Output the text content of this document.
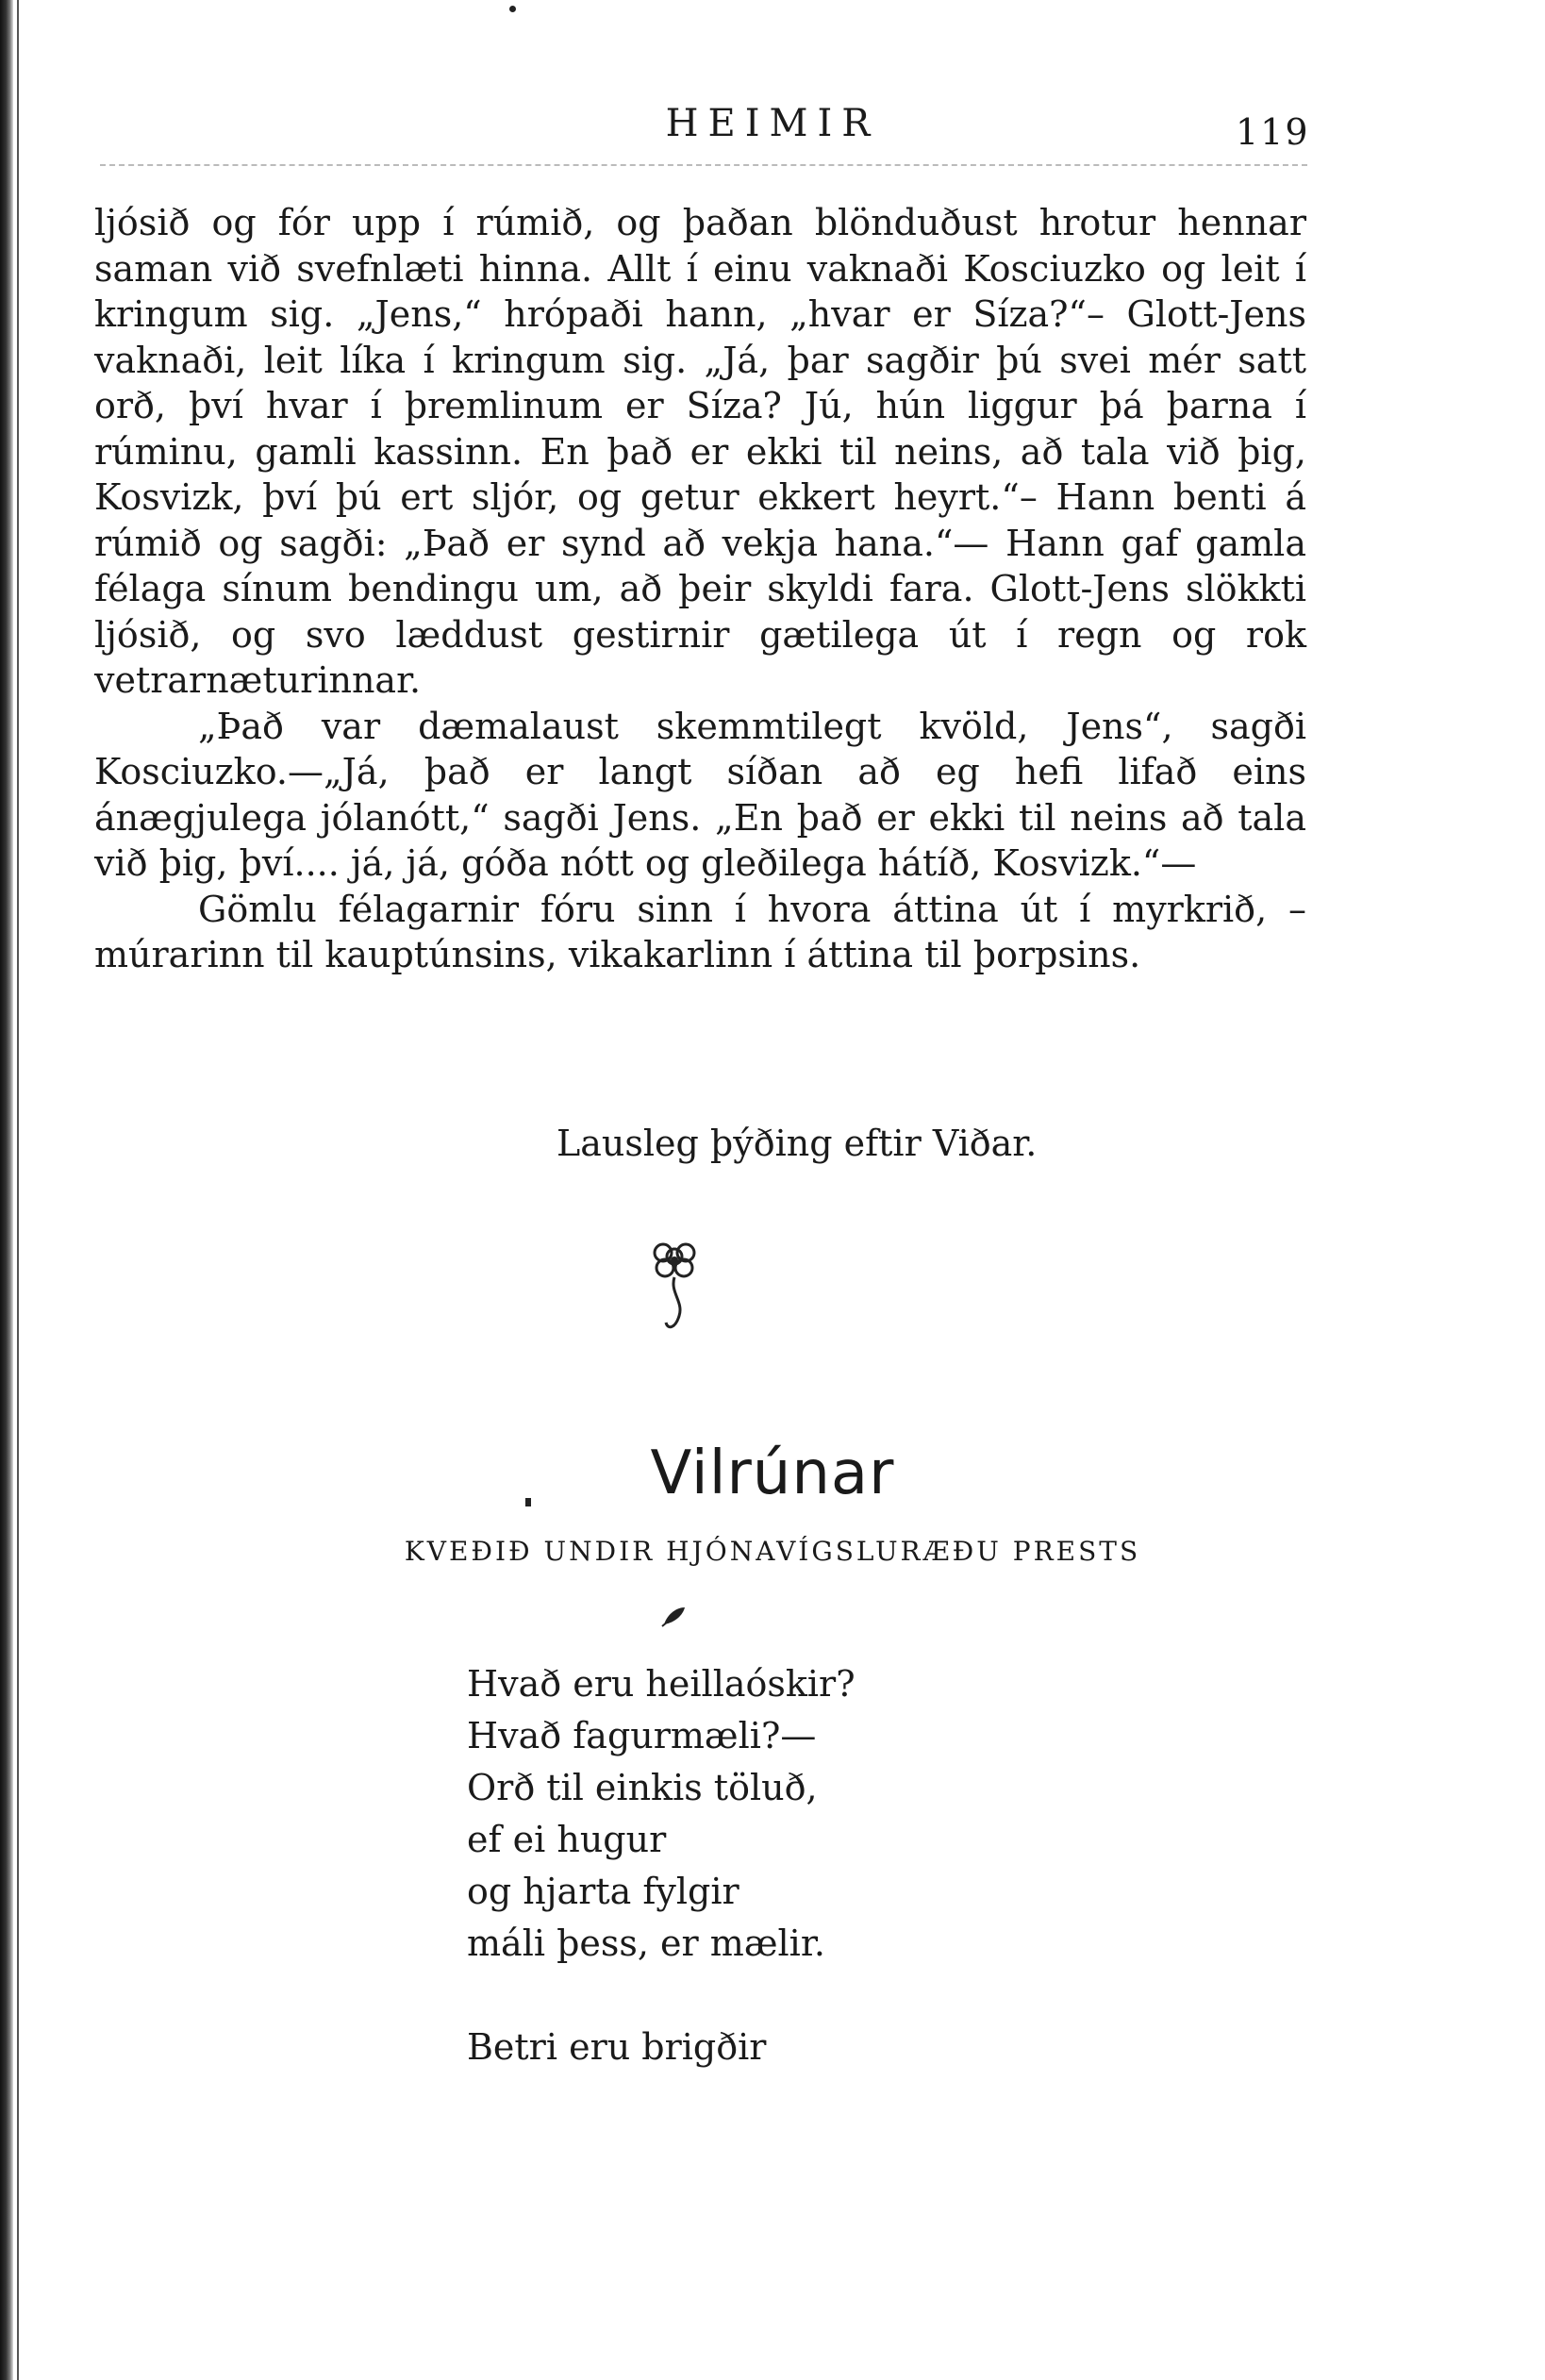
HEIMIR	119

ljósið og fór upp í rúmið, og þaðan blönduðust hrotur hennar saman við svefnlæti hinna. Allt í einu vaknaði Kosciuzko og leit í kringum sig. „Jens,“ hrópaði hann, „hvar er Síza?“– Glott-Jens vaknaði, leit líka í kringum sig. „Já, þar sagðir þú svei mér satt orð, því hvar í þremlinum er Síza? Jú, hún liggur þá þarna í rúminu, gamli kassinn. En það er ekki til neins, að tala við þig, Kosvizk, því þú ert sljór, og getur ekkert heyrt.“– Hann benti á rúmið og sagði: „Það er synd að vekja hana.“— Hann gaf gamla félaga sínum bendingu um, að þeir skyldi fara. Glott-Jens slökkti ljósið, og svo læddust gestirnir gætilega út í regn og rok vetrarnæturinnar.

„Það var dæmalaust skemmtilegt kvöld, Jens“, sagði Kosciuzko.—„Já, það er langt síðan að eg hefi lifað eins ánægjulega jólanótt,“ sagði Jens. „En það er ekki til neins að tala við þig, því.... já, já, góða nótt og gleðilega hátíð, Kosvizk.“—

Gömlu félagarnir fóru sinn í hvora áttina út í myrkrið, – múrarinn til kauptúnsins, vikakarlinn í áttina til þorpsins.

Lausleg þýðing eftir Viðar.
Vilrúnar
KVEÐIÐ UNDIR HJÓNAVÍGSLURÆÐU PRESTS
Hvað eru heillaóskir?
Hvað fagurmæli?—
Orð til einkis töluð,
ef ei hugur
og hjarta fylgir
máli þess, er mælir.
Betri eru brigðir
